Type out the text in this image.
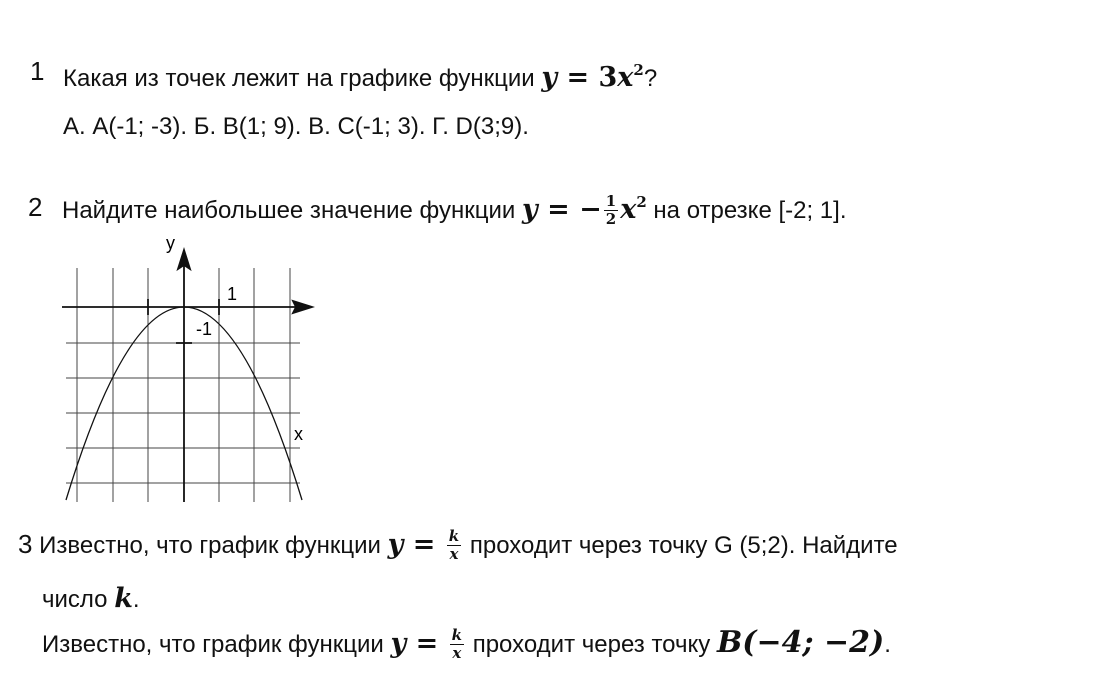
1 Какая из точек лежит на графике функции $y = 3x^2$?
А. А(-1; -3). Б. В(1; 9). В. С(-1; 3). Г. D(3;9).
2 Найдите наибольшее значение функции y = − $\frac{1}{2} x^2$ на отрезке [-2; 1].
y
x
1
-1
3 Известно, что график функции $y = \frac{k}{x}$ проходит через точку G (5;2). Найдите
число k.
Известно, что график функции $y = \frac{k}{x}$ проходит через точку B(−4; −2).
